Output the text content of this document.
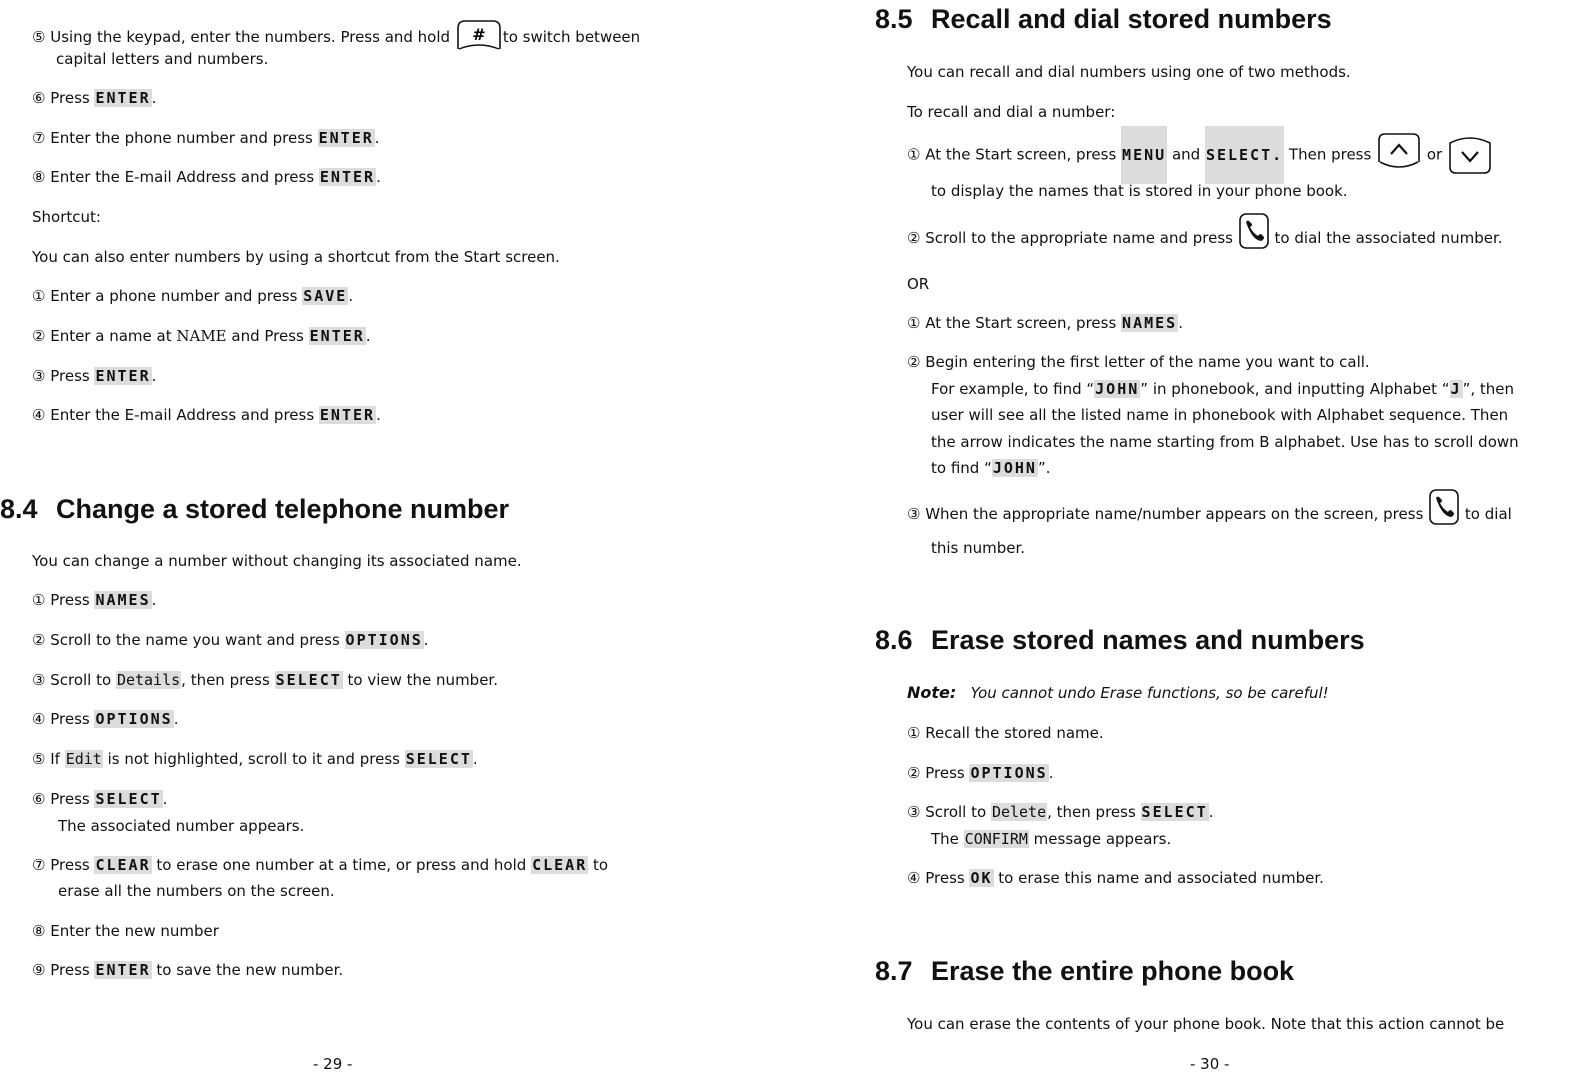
⑤ Using the keypad, enter the numbers. Press and hold # to switch between
capital letters and numbers.
⑥ Press ENTER.
⑦ Enter the phone number and press ENTER.
⑧ Enter the E-mail Address and press ENTER.
Shortcut:
You can also enter numbers by using a shortcut from the Start screen.
① Enter a phone number and press SAVE.
② Enter a name at NAME and Press ENTER.
③ Press ENTER.
④ Enter the E-mail Address and press ENTER.
8.4 Change a stored telephone number
You can change a number without changing its associated name.
① Press NAMES.
② Scroll to the name you want and press OPTIONS.
③ Scroll to Details, then press SELECT to view the number.
④ Press OPTIONS.
⑤ If Edit is not highlighted, scroll to it and press SELECT.
⑥ Press SELECT.
The associated number appears.
⑦ Press CLEAR to erase one number at a time, or press and hold CLEAR to
erase all the numbers on the screen.
⑧ Enter the new number
⑨ Press ENTER to save the new number.
- 29 -
8.5 Recall and dial stored numbers
You can recall and dial numbers using one of two methods.
To recall and dial a number:
① At the Start screen, press MENU and SELECT. Then press	or
to display the names that is stored in your phone book.
② Scroll to the appropriate name and press  to dial the associated number.
OR
① At the Start screen, press NAMES.
② Begin entering the first letter of the name you want to call.
For example, to find “JOHN” in phonebook, and inputting Alphabet “J”, then
user will see all the listed name in phonebook with Alphabet sequence. Then
the arrow indicates the name starting from B alphabet. Use has to scroll down
to find “JOHN”.
③ When the appropriate name/number appears on the screen, press  to dial
this number.
8.6 Erase stored names and numbers
Note: You cannot undo Erase functions, so be careful!
① Recall the stored name.
② Press OPTIONS.
③ Scroll to Delete, then press SELECT.
The CONFIRM message appears.
④ Press OK to erase this name and associated number.
8.7 Erase the entire phone book
You can erase the contents of your phone book. Note that this action cannot be
- 30 -
